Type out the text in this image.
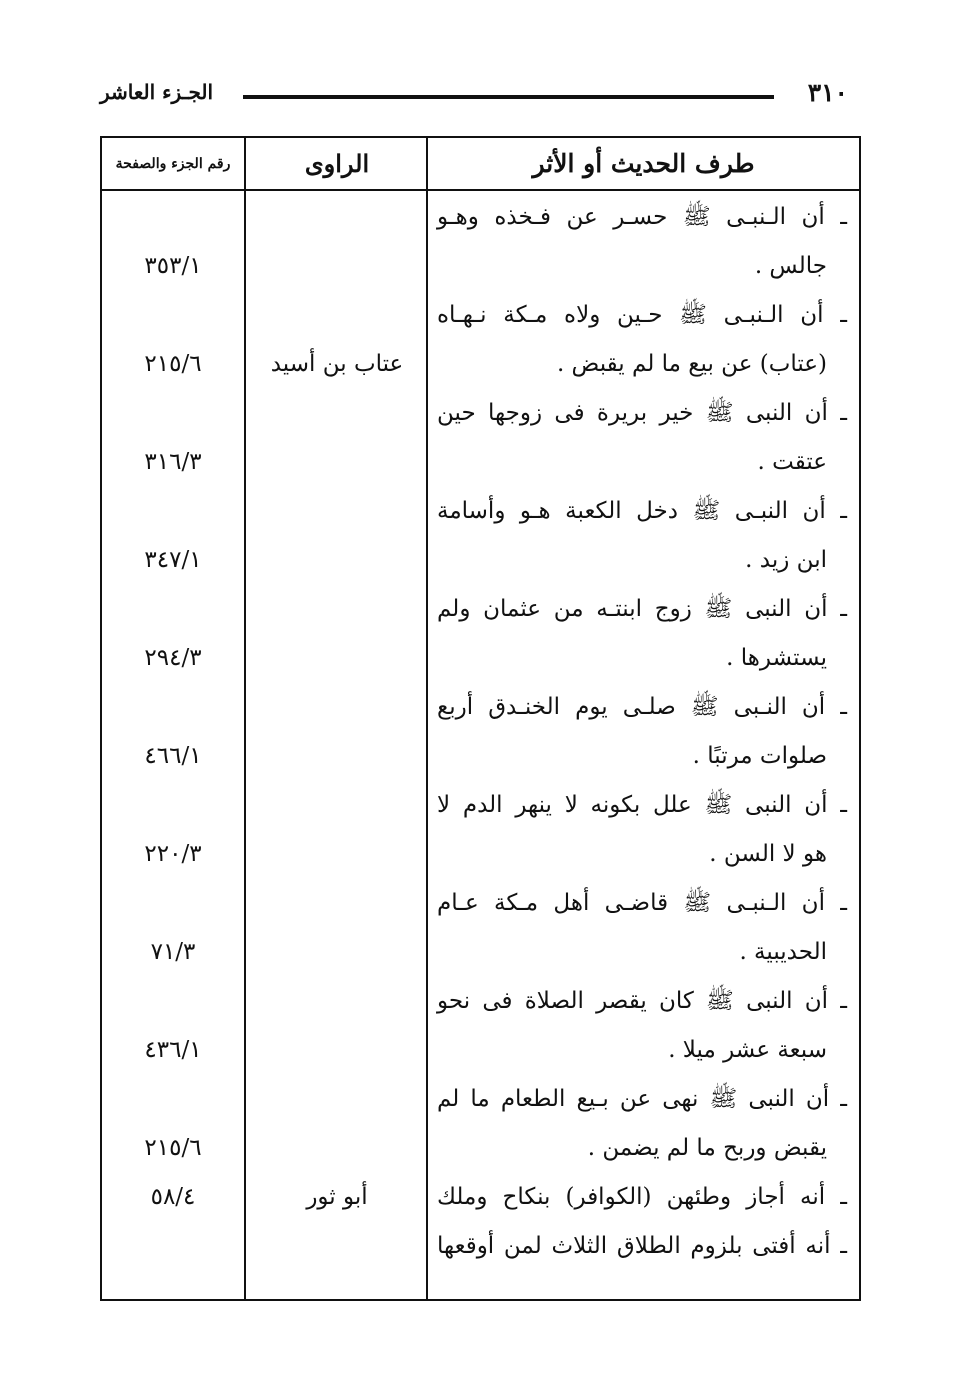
٣١٠
الجـزء العاشر
طرف الحديث أو الأثر
الراوى
رقم الجزء والصفحة
ـ أن الـنبـى ﷺ حسـر عن فـخذه وهـو
جالس .
٣٥٣/١
ـ أن الـنبـى ﷺ حـين ولاه مـكة نـهـاه
(عتاب) عن بيع ما لم يقبض .
عتاب بن أسيد
٢١٥/٦
ـ أن النبى ﷺ خير بريرة فى زوجها حين
عتقت .
٣١٦/٣
ـ أن النبـى ﷺ دخل الكعبة هـو وأسامة
ابن زيد .
٣٤٧/١
ـ أن النبى ﷺ زوج ابنتـه من عثمان ولم
يستشرها .
٢٩٤/٣
ـ أن النـبى ﷺ صلـى يوم الخنـدق أربع
صلوات مرتبًا .
٤٦٦/١
ـ أن النبى ﷺ علل بكونه لا ينهر الدم لا
هو لا السن .
٢٢٠/٣
ـ أن الـنبـى ﷺ قاضـى أهل مـكة عـام
الحديبية .
٧١/٣
ـ أن النبى ﷺ كان يقصر الصلاة فى نحو
سبعة عشر ميلا .
٤٣٦/١
ـ أن النبى ﷺ نهى عن بـيع الطعام ما لم
يقبض وربح ما لم يضمن .
٢١٥/٦
ـ أنه أجاز وطئهن (الكوافر) بنكاح وملك
أبو ثور
٥٨/٤
ـ أنه أفتى بلزوم الطلاق الثلاث لمن أوقعها
